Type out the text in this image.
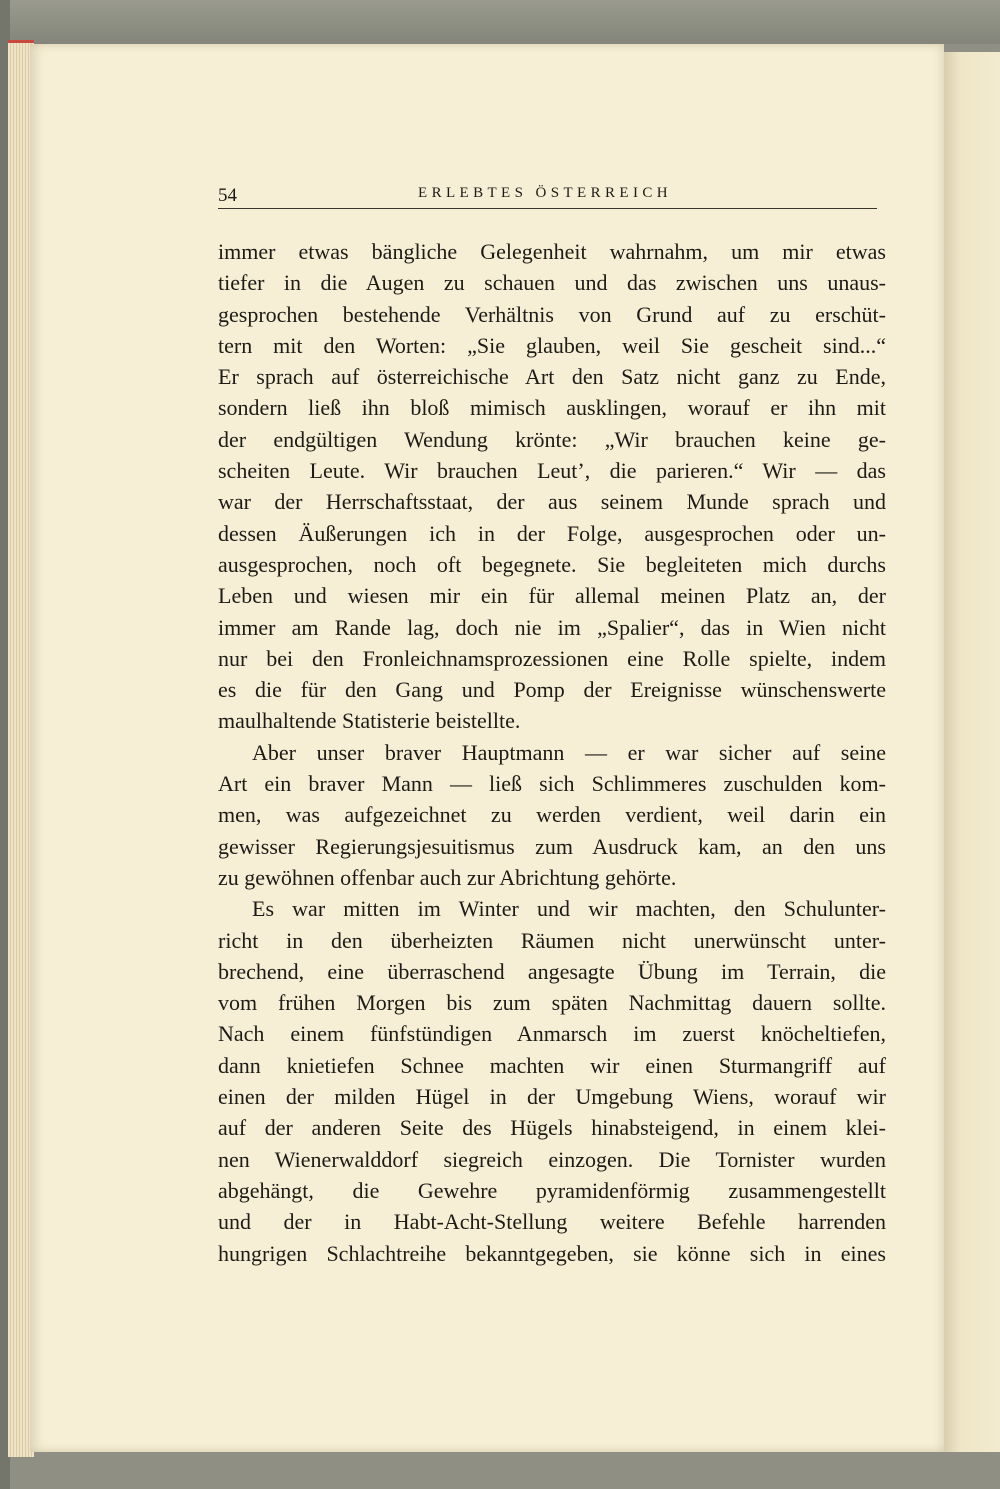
54	ERLEBTES ÖSTERREICH
immer etwas bängliche Gelegenheit wahrnahm, um mir etwas
tiefer in die Augen zu schauen und das zwischen uns unaus-
gesprochen bestehende Verhältnis von Grund auf zu erschüt-
tern mit den Worten: „Sie glauben, weil Sie gescheit sind...“
Er sprach auf österreichische Art den Satz nicht ganz zu Ende,
sondern ließ ihn bloß mimisch ausklingen, worauf er ihn mit
der endgültigen Wendung krönte: „Wir brauchen keine ge-
scheiten Leute. Wir brauchen Leut’, die parieren.“ Wir — das
war der Herrschaftsstaat, der aus seinem Munde sprach und
dessen Äußerungen ich in der Folge, ausgesprochen oder un-
ausgesprochen, noch oft begegnete. Sie begleiteten mich durchs
Leben und wiesen mir ein für allemal meinen Platz an, der
immer am Rande lag, doch nie im „Spalier“, das in Wien nicht
nur bei den Fronleichnamsprozessionen eine Rolle spielte, indem
es die für den Gang und Pomp der Ereignisse wünschenswerte
maulhaltende Statisterie beistellte.
Aber unser braver Hauptmann — er war sicher auf seine
Art ein braver Mann — ließ sich Schlimmeres zuschulden kom-
men, was aufgezeichnet zu werden verdient, weil darin ein
gewisser Regierungsjesuitismus zum Ausdruck kam, an den uns
zu gewöhnen offenbar auch zur Abrichtung gehörte.
Es war mitten im Winter und wir machten, den Schulunter-
richt in den überheizten Räumen nicht unerwünscht unter-
brechend, eine überraschend angesagte Übung im Terrain, die
vom frühen Morgen bis zum späten Nachmittag dauern sollte.
Nach einem fünfstündigen Anmarsch im zuerst knöcheltiefen,
dann knietiefen Schnee machten wir einen Sturmangriff auf
einen der milden Hügel in der Umgebung Wiens, worauf wir
auf der anderen Seite des Hügels hinabsteigend, in einem klei-
nen Wienerwalddorf siegreich einzogen. Die Tornister wurden
abgehängt, die Gewehre pyramidenförmig zusammengestellt
und der in Habt-Acht-Stellung weitere Befehle harrenden
hungrigen Schlachtreihe bekanntgegeben, sie könne sich in eines
